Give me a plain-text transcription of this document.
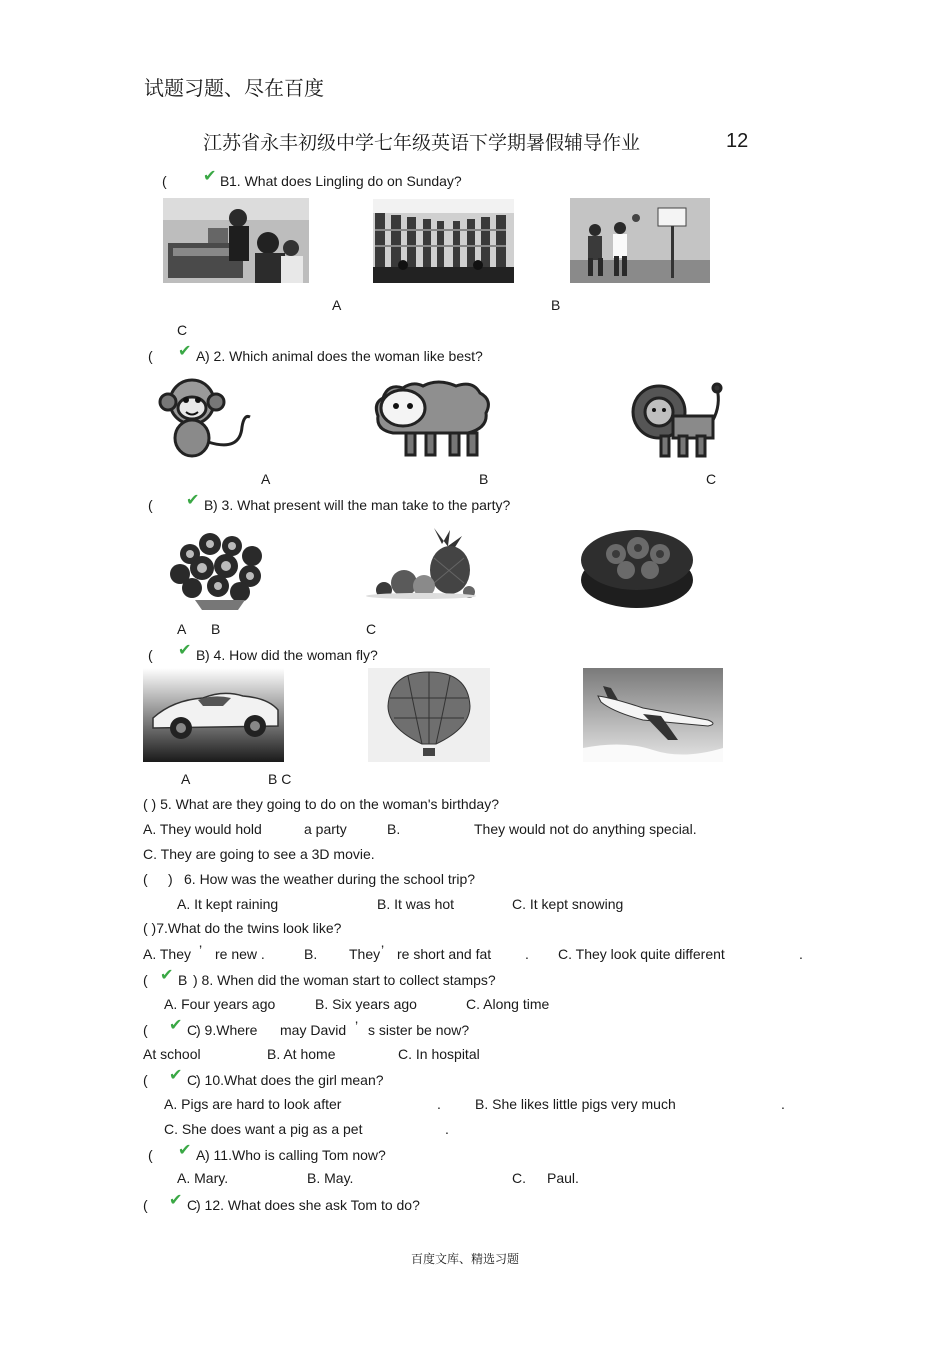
试题习题、尽在百度
江苏省永丰初级中学七年级英语下学期暑假辅导作业	12
( ✔ B 1. What does Lingling do on Sunday?
A	B
C
( ✔ A ) 2. Which animal does the woman like best?
A	B	C
( ✔ B ) 3. What present will the man take to the party?
A B	C
( ✔ B ) 4. How did the woman fly?
A	B C
( ) 5. What are they going to do on the woman's birthday?
A. They would hold	a party	B.	They would not do anything special.
C. They are going to see a 3D movie.
( ) 6. How was the weather during the school trip?
A. It kept raining	B. It was hot	C. It kept snowing
( )7.What do the twins look like?
A. They ’ re new .	B. They ’ re short and fat . C. They look quite different	.
( ✔ B ) 8. When did the woman start to collect stamps?
A. Four years ago	B. Six years ago	C. Along time
( ✔ C
) 9.Where may David ’ s sister be now?
At school	B. At home	C. In hospital
( ✔ C
) 10.What does the girl mean?
A. Pigs are hard to look after	. B. She likes little pigs very much	.
C. She does want a pig as a pet	.
( ✔ A ) 11.Who is calling Tom now?
A. Mary.	B. May.	C. Paul.
( ✔ C
) 12. What does she ask Tom to do?
百度文库、精选习题
